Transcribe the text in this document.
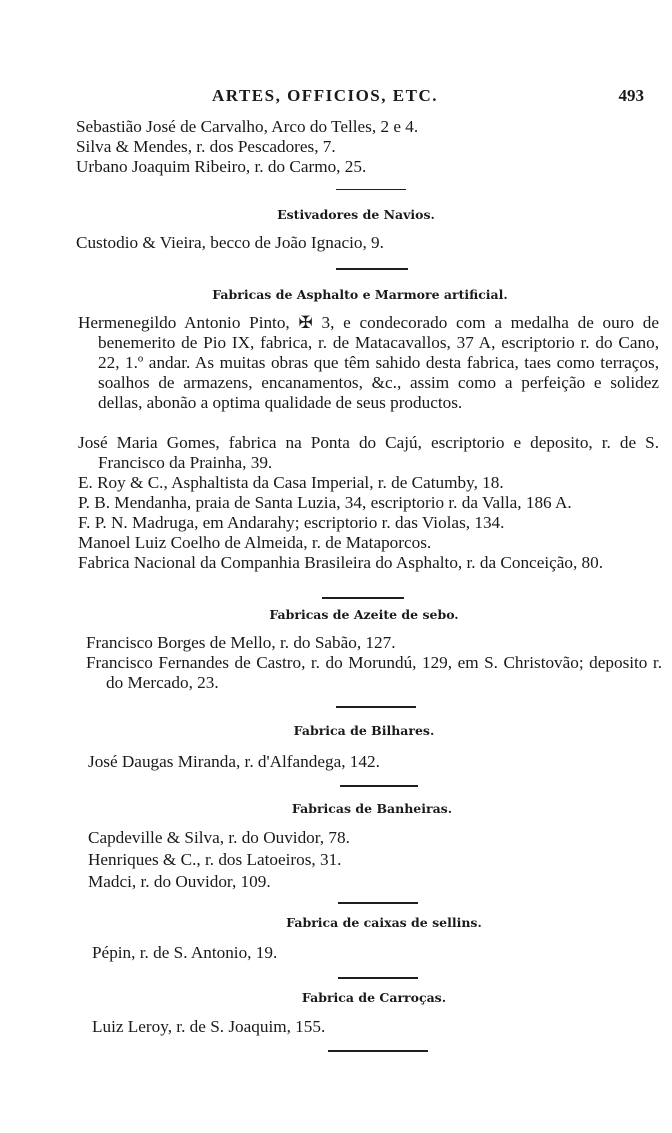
ARTES, OFFICIOS, ETC.	493
Sebastião José de Carvalho, Arco do Telles, 2 e 4.
Silva & Mendes, r. dos Pescadores, 7.
Urbano Joaquim Ribeiro, r. do Carmo, 25.
Estivadores de Navios.
Custodio & Vieira, becco de João Ignacio, 9.
Fabricas de Asphalto e Marmore artificial.
Hermenegildo Antonio Pinto, ✠ 3, e condecorado com a medalha de ouro de benemerito de Pio IX, fabrica, r. de Matacavallos, 37 A, escriptorio r. do Cano, 22, 1.º andar. As muitas obras que têm sahido desta fabrica, taes como terraços, soalhos de armazens, encanamentos, &c., assim como a perfeição e solidez dellas, abonão a optima qualidade de seus productos.
José Maria Gomes, fabrica na Ponta do Cajú, escriptorio e deposito, r. de S. Francisco da Prainha, 39.
E. Roy & C., Asphaltista da Casa Imperial, r. de Catumby, 18.
P. B. Mendanha, praia de Santa Luzia, 34, escriptorio r. da Valla, 186 A.
F. P. N. Madruga, em Andarahy; escriptorio r. das Violas, 134.
Manoel Luiz Coelho de Almeida, r. de Mataporcos.
Fabrica Nacional da Companhia Brasileira do Asphalto, r. da Conceição, 80.
Fabricas de Azeite de sebo.
Francisco Borges de Mello, r. do Sabão, 127.
Francisco Fernandes de Castro, r. do Morundú, 129, em S. Christovão; deposito r. do Mercado, 23.
Fabrica de Bilhares.
José Daugas Miranda, r. d'Alfandega, 142.
Fabricas de Banheiras.
Capdeville & Silva, r. do Ouvidor, 78.
Henriques & C., r. dos Latoeiros, 31.
Madci, r. do Ouvidor, 109.
Fabrica de caixas de sellins.
Pépin, r. de S. Antonio, 19.
Fabrica de Carroças.
Luiz Leroy, r. de S. Joaquim, 155.
